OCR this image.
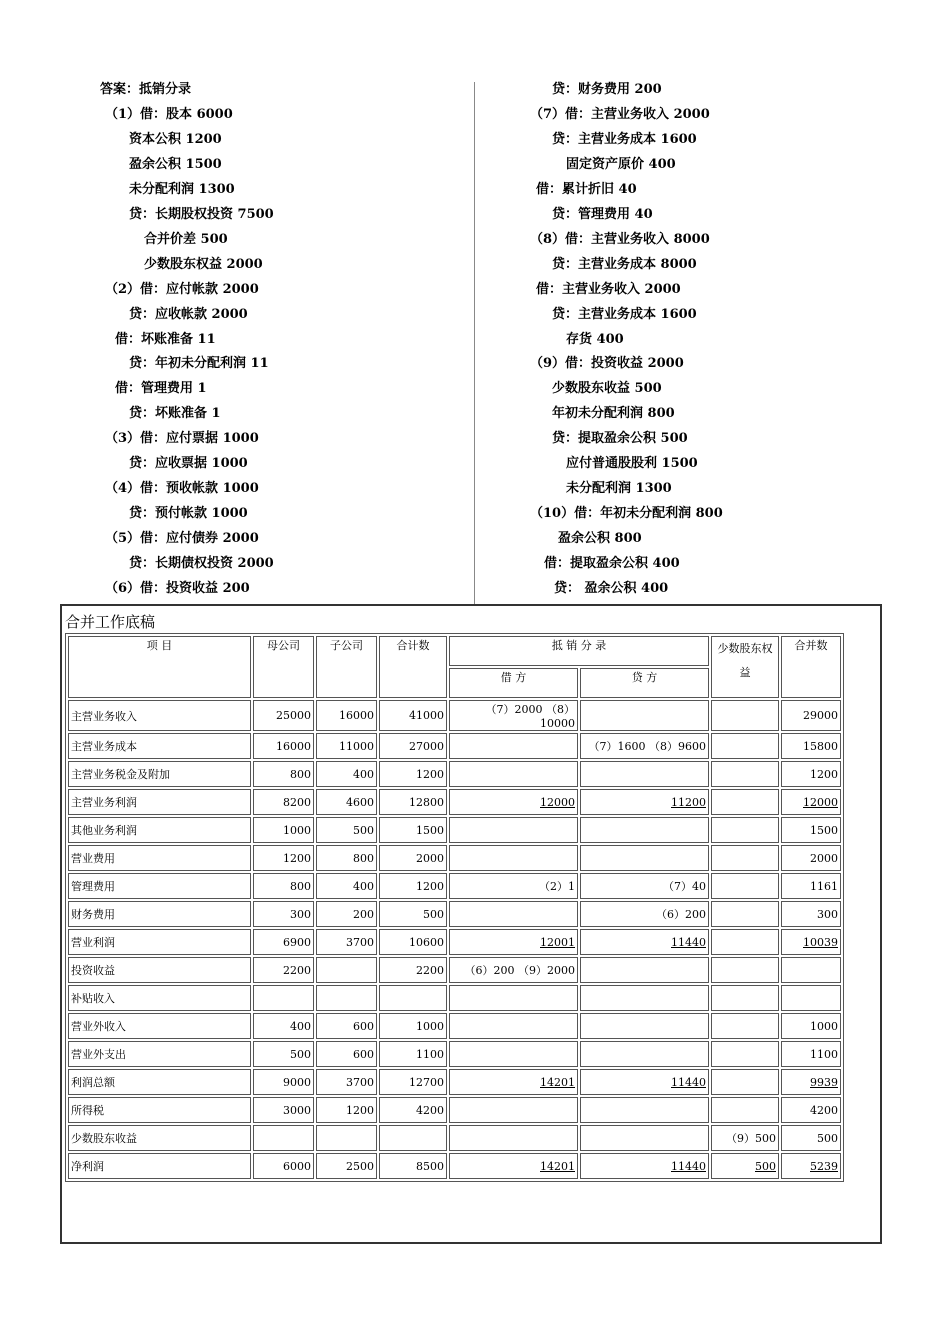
答案：抵销分录
（1）借：股本 6000
资本公积 1200
盈余公积 1500
未分配利润 1300
贷：长期股权投资 7500
合并价差 500
少数股东权益 2000
（2）借：应付帐款 2000
贷：应收帐款 2000
借：坏账准备 11
贷：年初未分配利润 11
借：管理费用 1
贷：坏账准备 1
（3）借：应付票据 1000
贷：应收票据 1000
（4）借：预收帐款 1000
贷：预付帐款 1000
（5）借：应付债券 2000
贷：长期债权投资 2000
（6）借：投资收益 200
贷：财务费用 200
（7）借：主营业务收入 2000
贷：主营业务成本 1600
固定资产原价 400
借：累计折旧 40
贷：管理费用 40
（8）借：主营业务收入 8000
贷：主营业务成本 8000
借：主营业务收入 2000
贷：主营业务成本 1600
存货 400
（9）借：投资收益 2000
少数股东收益 500
年初未分配利润 800
贷：提取盈余公积 500
应付普通股股利 1500
未分配利润 1300
（10）借：年初未分配利润 800
盈余公积 800
借：提取盈余公积 400
贷： 盈余公积 400
合并工作底稿
项 目	母公司	子公司	合计数	抵 销 分 录		少数股东权益	合并数
				借 方	贷 方		
主营业务收入	25000	16000	41000	（7）2000 （8）10000			29000
主营业务成本	16000	11000	27000		（7）1600 （8）9600		15800
主营业务税金及附加	800	400	1200				1200
主营业务利润	8200	4600	12800	12000	11200		12000
其他业务利润	1000	500	1500				1500
营业费用	1200	800	2000				2000
管理费用	800	400	1200	（2）1	（7）40		1161
财务费用	300	200	500		（6）200		300
营业利润	6900	3700	10600	12001	11440		10039
投资收益	2200		2200	（6）200 （9）2000			
补贴收入							
营业外收入	400	600	1000				1000
营业外支出	500	600	1100				1100
利润总额	9000	3700	12700	14201	11440		9939
所得税	3000	1200	4200				4200
少数股东收益						（9）500	500
净利润	6000	2500	8500	14201	11440	500	5239
